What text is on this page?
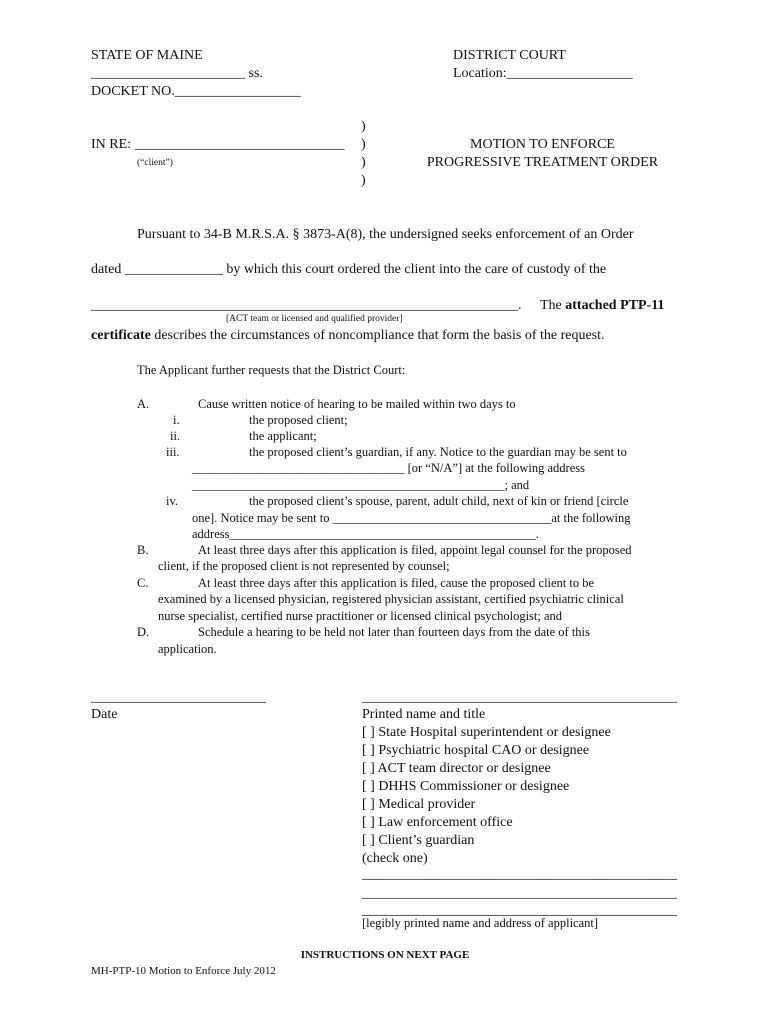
STATE OF MAINE
______________________ ss.
DOCKET NO.__________________
DISTRICT COURT
Location:__________________
IN RE: ______________________________
(“client”)
)
)
)
)
MOTION TO ENFORCE
PROGRESSIVE TREATMENT ORDER
Pursuant to 34-B M.R.S.A. § 3873-A(8), the undersigned seeks enforcement of an Order
dated ______________ by which this court ordered the client into the care of custody of the
_____________________________________________________________. The attached PTP-11
[ACT team or licensed and qualified provider]
certificate describes the circumstances of noncompliance that form the basis of the request.
The Applicant further requests that the District Court:
A.	Cause written notice of hearing to be mailed within two days to
i.	the proposed client;
ii.	the applicant;
iii.	the proposed client’s guardian, if any. Notice to the guardian may be sent to
__________________________________ [or “N/A”] at the following address
__________________________________________________; and
iv.	the proposed client’s spouse, parent, adult child, next of kin or friend [circle
one]. Notice may be sent to ___________________________________at the following
address_________________________________________________.
B.	At least three days after this application is filed, appoint legal counsel for the proposed
client, if the proposed client is not represented by counsel;
C.	At least three days after this application is filed, cause the proposed client to be
examined by a licensed physician, registered physician assistant, certified psychiatric clinical
nurse specialist, certified nurse practitioner or licensed clinical psychologist; and
D.	Schedule a hearing to be held not later than fourteen days from the date of this
application.
_________________________
Date
_____________________________________________
Printed name and title
[ ] State Hospital superintendent or designee
[ ] Psychiatric hospital CAO or designee
[ ] ACT team director or designee
[ ] DHHS Commissioner or designee
[ ] Medical provider
[ ] Law enforcement office
[ ] Client’s guardian
(check one)
_____________________________________________
_____________________________________________
_____________________________________________
[legibly printed name and address of applicant]
INSTRUCTIONS ON NEXT PAGE
MH-PTP-10 Motion to Enforce July 2012
